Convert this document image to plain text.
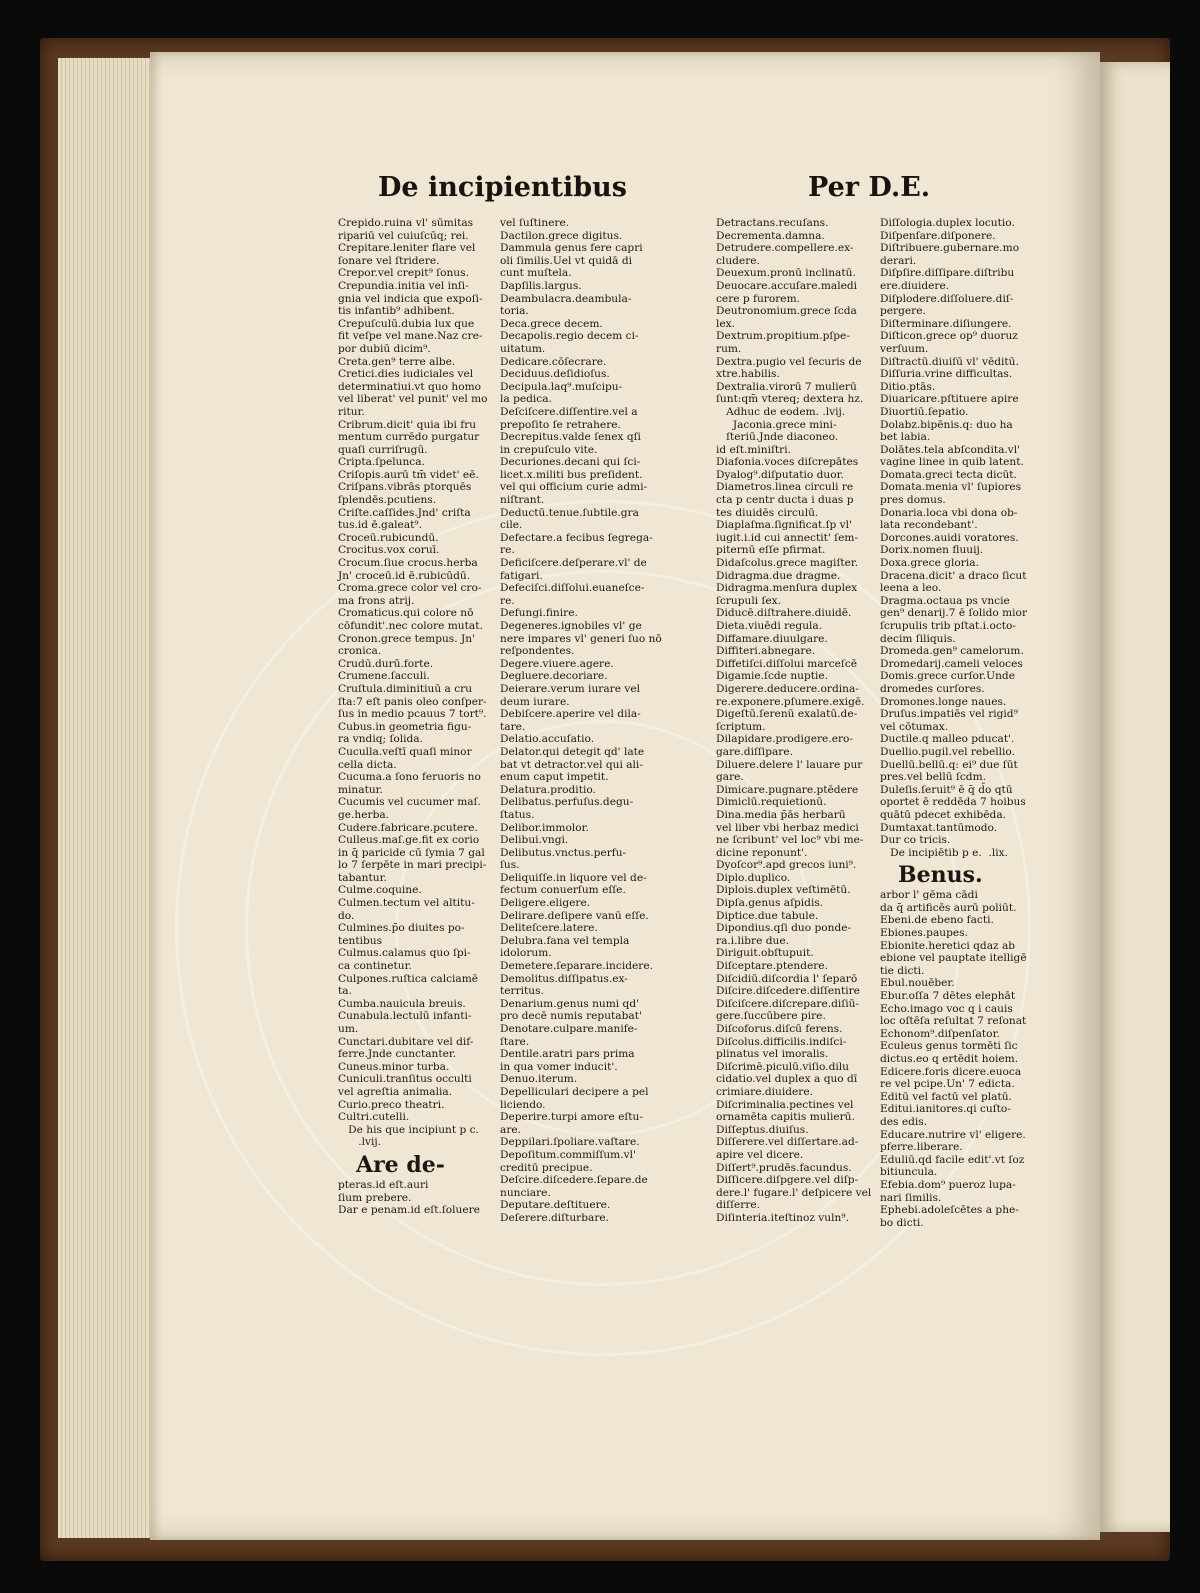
De incipientibus	Per D.E.
Crepido.ruina vl' sūmitas
ripariū vel cuiuſcūq; rei.
Crepitare.leniter flare vel
ſonare vel ſtridere.
Crepor.vel crepit⁹ ſonus.
Crepundia.initia vel inſi-
gnia vel indicia que expoſi-
tis infantib⁹ adhibent.
Crepuſculū.dubia lux que
fit veſpe vel mane.Naz cre-
por dubiū dicim⁹.
Creta.gen⁹ terre albe.
Cretici.dies iudiciales vel
determinatiui.vt quo homo
vel liberat' vel punit' vel mo
ritur.
Cribrum.dicit' quia ibi fru
mentum currēdo purgatur
quaſi curriſrugū.
Cripta.ſpelunca.
Criſopis.aurū tm̄ videt' eē.
Criſpans.vibrās ptorquēs
ſplendēs.pcutiens.
Criſte.caſſides.Jnd' criſta
tus.id ē.galeat⁹.
Croceū.rubicundū.
Crocitus.vox coruī.
Crocum.ſiue crocus.herba
Jn' croceū.id ē.rubicūdū.
Croma.grece color vel cro-
ma frons atrij.
Cromaticus.qui colore nō
cōfundit'.nec colore mutat.
Cronon.grece tempus. Jn'
cronica.
Crudū.durū.forte.
Crumene.ſacculi.
Cruſtula.diminitiuū a cru
ſta:7 eſt panis oleo conſper-
ſus in medio pcauus 7 tort⁹.
Cubus.in geometria figu-
ra vndiq; ſolida.
Cuculla.veſtī quaſi minor
cella dicta.
Cucuma.a ſono feruoris no
minatur.
Cucumis vel cucumer maſ.
ge.herba.
Cudere.fabricare.pcutere.
Culleus.maſ.ge.fit ex corio
in q̄ paricide cū ſymia 7 gal
lo 7 ſerpēte in mari precipi-
tabantur.
Culme.coquine.
Culmen.tectum vel altitu-
do.
Culmines.p̄o diuites po-
tentibus
Culmus.calamus quo ſpi-
ca continetur.
Culpones.ruſtica calciamē
ta.
Cumba.nauicula breuis.
Cunabula.lectulū infanti-
um.
Cunctari.dubitare vel dif-
ferre.Jnde cunctanter.
Cuneus.minor turba.
Cuniculi.tranſitus occulti
vel agreſtia animalia.
Curio.preco theatri.
Cultri.cutelli.
De his que incipiunt p c.
.lvij.
Are de-
pteras.id eſt.auri
ſium prebere.
Dar e penam.id eſt.ſoluere
vel ſuſtinere.
Dactilon.grece digitus.
Dammula genus fere capri
oli ſimilis.Uel vt quidā di
cunt muſtela.
Dapſilis.largus.
Deambulacra.deambula-
toria.
Deca.grece decem.
Decapolis.regio decem ci-
uitatum.
Dedicare.cōſecrare.
Deciduus.deſidioſus.
Decipula.laq⁹.muſcipu-
la pedica.
Deſciſcere.diſſentire.vel a
prepoſito ſe retrahere.
Decrepitus.valde ſenex qſi
in crepuſculo vite.
Decuriones.decani qui ſci-
licet.x.militi bus preſident.
vel qui officium curie admi-
niſtrant.
Deductū.tenue.ſubtile.gra
cile.
Defectare.a fecibus ſegrega-
re.
Deficiſcere.deſperare.vl' de
fatigari.
Defeciſci.diſſolui.euaneſce-
re.
Defungi.finire.
Degeneres.ignobiles vl' ge
nere impares vl' generi ſuo nō
reſpondentes.
Degere.viuere.agere.
Degluere.decoriare.
Deierare.verum iurare vel
deum iurare.
Debiſcere.aperire vel dila-
tare.
Delatio.accuſatio.
Delator.qui detegit qd' late
bat vt detractor.vel qui ali-
enum caput impetit.
Delatura.proditio.
Delibatus.perfuſus.degu-
ſtatus.
Delibor.immolor.
Delibui.vngi.
Delibutus.vnctus.perfu-
ſus.
Deliquiſſe.in liquore vel de-
fectum conuerſum eſſe.
Deligere.eligere.
Delirare.deſipere vanū eſſe.
Deliteſcere.latere.
Delubra.fana vel templa
idolorum.
Demetere.ſeparare.incidere.
Demolitus.diſſipatus.ex-
territus.
Denarium.genus numi qd'
pro decē numis reputabat'
Denotare.culpare.manife-
ſtare.
Dentile.aratri pars prima
in qua vomer inducit'.
Denuo.iterum.
Depelliculari decipere a pel
liciendo.
Deperire.turpi amore eſtu-
are.
Deppilari.ſpoliare.vaſtare.
Depoſitum.commiſſum.vl'
creditū precipue.
Deſcire.diſcedere.ſepare.de
nunciare.
Deputare.deſtituere.
Deſerere.diſturbare.
Detractans.recuſans.
Decrementa.damna.
Detrudere.compellere.ex-
cludere.
Deuexum.pronū inclinatū.
Deuocare.accuſare.maledi
cere p furorem.
Deutronomium.grece ſcda
lex.
Dextrum.propitium.pſpe-
rum.
Dextra.pugio vel ſecuris de
xtre.habilis.
Dextralia.virorū 7 mulierū
ſunt:qm̄ vtereq; dextera hz.
Adhuc de eodem. .lvij.
Jaconia.grece mini-
ſteriū.Jnde diaconeo.
id eſt.miniſtri.
Diafonia.voces diſcrepātes
Dyalog⁹.diſputatio duor.
Diametros.linea circuli re
cta p centr ducta i duas p
tes diuidēs circulū.
Diaplaſma.ſignificat.ſp vl'
iugit.i.id cui annectit' ſem-
piternū eſſe pfirmat.
Didaſcolus.grece magiſter.
Didragma.due dragme.
Didragma.menſura duplex
ſcrupuli ſex.
Diducē.diſtrahere.diuidē.
Dieta.viuēdi regula.
Diffamare.diuulgare.
Diffiteri.abnegare.
Diffetiſci.diſſolui marceſcē
Digamie.ſcde nuptie.
Digerere.deducere.ordina-
re.exponere.pſumere.exigē.
Digeſtū.ſerenū exalatū.de-
ſcriptum.
Dilapidare.prodigere.ero-
gare.diſſipare.
Diluere.delere l' lauare pur
gare.
Dimicare.pugnare.ptēdere
Dimiclū.requietionū.
Dina.media p̄ās herbarū
vel liber vbi herbaz medici
ne ſcribunt' vel loc⁹ vbi me-
dicine reponunt'.
Dyoſcor⁹.apd grecos iuni⁹.
Diplo.duplico.
Diplois.duplex veſtimētū.
Dipſa.genus aſpidis.
Diptice.due tabule.
Dipondius.qſi duo ponde-
ra.i.libre due.
Diriguit.obſtupuit.
Diſceptare.ptendere.
Diſcidiū.diſcordia l' ſeparō
Diſcire.diſcedere.diſſentire
Diſciſcere.diſcrepare.diſiū-
gere.ſuccūbere pire.
Diſcoforus.diſcū ferens.
Diſcolus.difficilis.indiſci-
plinatus vel imoralis.
Diſcrimē.piculū.viſio.dilu
cidatio.vel duplex a quo dī
crimiare.diuidere.
Diſcriminalia.pectines vel
ornamēta capitis mulierū.
Diſſeptus.diuiſus.
Diſſerere.vel diſſertare.ad-
apire vel dicere.
Diſſert⁹.prudēs.facundus.
Diſſicere.diſpgere.vel diſp-
dere.l' fugare.l' deſpicere vel
diſſerre.
Diſinteria.iteſtinoz vuln⁹.
Diſſologia.duplex locutio.
Diſpenſare.diſponere.
Diſtribuere.gubernare.mo
derari.
Diſpſire.diſſipare.diſtribu
ere.diuidere.
Diſplodere.diſſoluere.diſ-
pergere.
Diſterminare.diſiungere.
Diſticon.grece op⁹ duoruz
verſuum.
Diſtractū.diuiſū vl' vēditū.
Diſſuria.vrine difficultas.
Ditio.ptās.
Diuaricare.pſtituere apire
Diuortiū.ſepatio.
Dolabz.bipēnis.q: duo ha
bet labia.
Dolātes.tela abſcondita.vl'
vagine linee in quib latent.
Domata.greci tecta dicūt.
Domata.menia vl' ſupiores
pres domus.
Donaria.loca vbi dona ob-
lata recondebant'.
Dorcones.auidi voratores.
Dorix.nomen fluuij.
Doxa.grece gloria.
Dracena.dicit' a draco ſicut
leena a leo.
Dragma.octaua ps vncie
gen⁹ denarij.7 ē ſolido mior
ſcrupulis trib pſtat.i.octo-
decim ſiliquis.
Dromeda.gen⁹ camelorum.
Dromedarij.cameli veloces
Domis.grece curſor.Unde
dromedes curſores.
Dromones.longe naues.
Druſus.impatiēs vel rigid⁹
vel cōtumax.
Ductile.q malleo pducat'.
Duellio.pugil.vel rebellio.
Duellū.bellū.q: ei⁹ due ſūt
pres.vel bellū ſcdm.
Duleſis.ſeruit⁹ ē q̄ d̄o qtū
oportet ē reddēda 7 hoibus
quātū pdecet exhibēda.
Dumtaxat.tantūmodo.
Dur co tricis.
De incipiētib p e.  .lix.
Benus.
arbor l' gēma cādi
da q̄ artificēs aurū poliūt.
Ebeni.de ebeno facti.
Ebiones.paupes.
Ebionite.heretici qdaz ab
ebione vel pauptate itelligē
tie dicti.
Ebul.nouēber.
Ebur.oſſa 7 dētes elephāt
Echo.imago voc q i cauis
loc oſtēſa reſultat 7 reſonat
Echonom⁹.diſpenſator.
Eculeus genus tormēti ſic
dictus.eo q ertēdit hoiem.
Edicere.foris dicere.euoca
re vel pcipe.Un' 7 edicta.
Editū vel factū vel platū.
Editui.ianitores.qi cuſto-
des edis.
Educare.nutrire vl' eligere.
pferre.liberare.
Eduliū.qd facile edit'.vt ſoz
bitiuncula.
Efebia.dom⁹ pueroz lupa-
nari ſimilis.
Ephebi.adoleſcētes a phe-
bo dicti.
